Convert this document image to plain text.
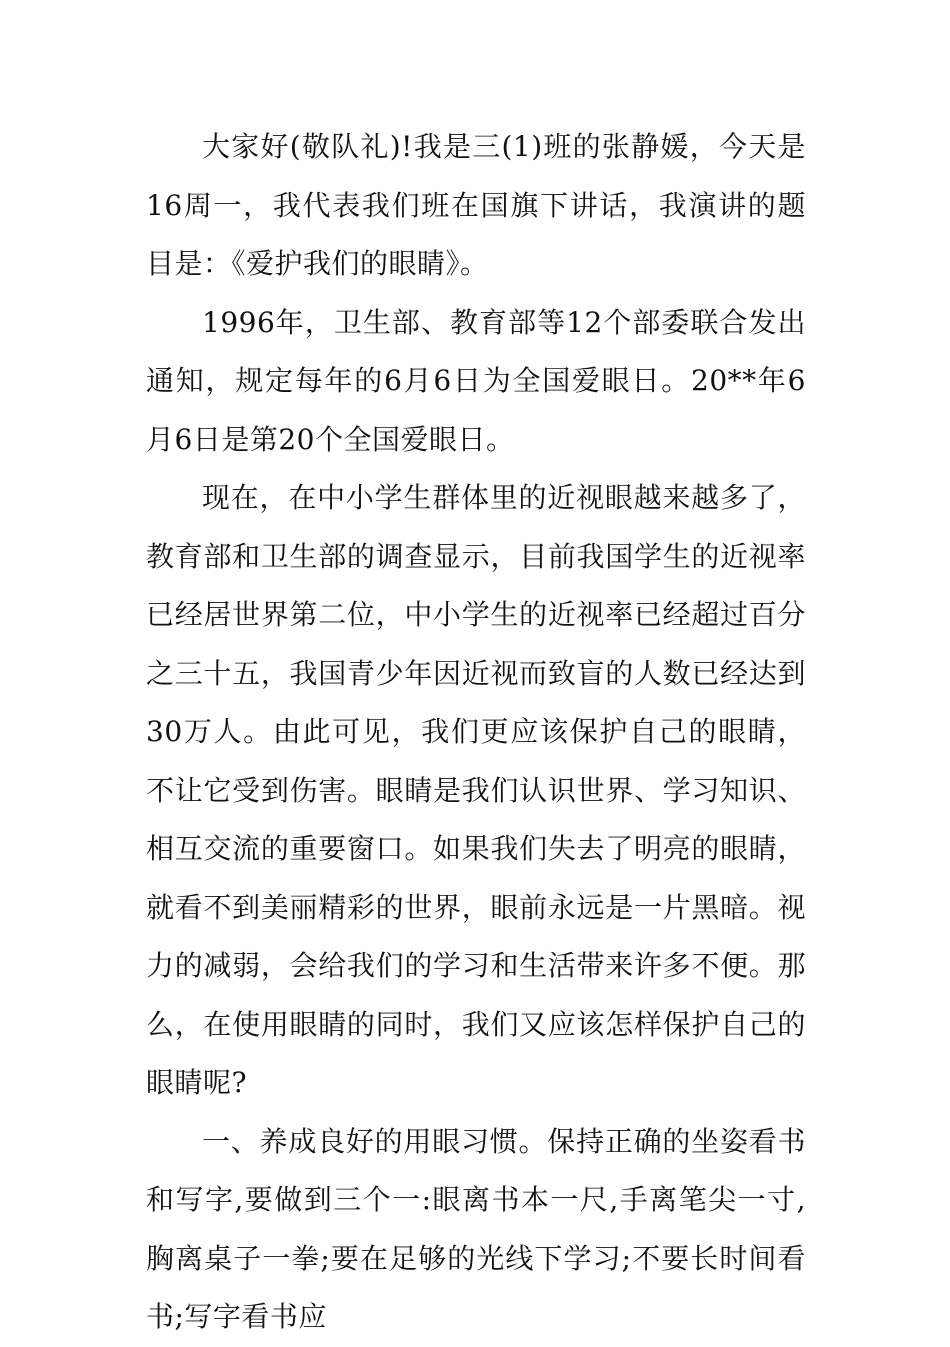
大家好(敬队礼)!我是三(1)班的张静媛，今天是16周一，我代表我们班在国旗下讲话，我演讲的题目是：《爱护我们的眼睛》。

1996年，卫生部、教育部等12个部委联合发出通知，规定每年的6月6日为全国爱眼日。20**年6月6日是第20个全国爱眼日。

现在，在中小学生群体里的近视眼越来越多了，教育部和卫生部的调查显示，目前我国学生的近视率已经居世界第二位，中小学生的近视率已经超过百分之三十五，我国青少年因近视而致盲的人数已经达到30万人。由此可见，我们更应该保护自己的眼睛，不让它受到伤害。眼睛是我们认识世界、学习知识、相互交流的重要窗口。如果我们失去了明亮的眼睛，就看不到美丽精彩的世界，眼前永远是一片黑暗。视力的减弱，会给我们的学习和生活带来许多不便。那么，在使用眼睛的同时，我们又应该怎样保护自己的眼睛呢?

一、养成良好的用眼习惯。保持正确的坐姿看书和写字,要做到三个一:眼离书本一尺,手离笔尖一寸,胸离桌子一拳;要在足够的光线下学习;不要长时间看书;写字看书应
